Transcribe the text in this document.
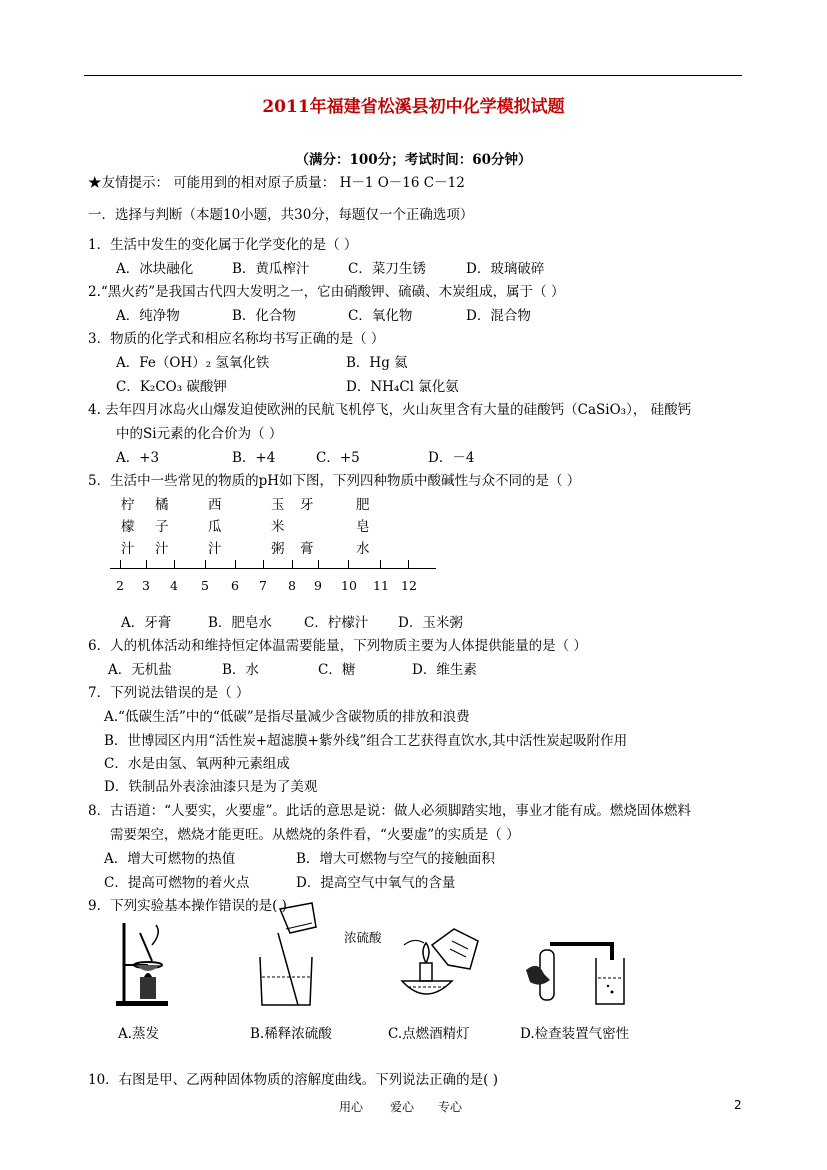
2011年福建省松溪县初中化学模拟试题
（满分：100分；考试时间：60分钟）
★友情提示： 可能用到的相对原子质量： H－1 O－16 C－12
一．选择与判断（本题10小题，共30分，每题仅一个正确选项）
1．生活中发生的变化属于化学变化的是（ ）
A．冰块融化	B．黄瓜榨汁	C．菜刀生锈	D．玻璃破碎
2.“黑火药”是我国古代四大发明之一，它由硝酸钾、硫磺、木炭组成，属于（ ）
A．纯净物	B．化合物	C．氧化物	D．混合物
3．物质的化学式和相应名称均书写正确的是（ ）
A．Fe（OH）₂ 氢氧化铁	B．Hg 氦
C．K₂CO₃ 碳酸钾	D．NH₄Cl 氯化氨
4. 去年四月冰岛火山爆发迫使欧洲的民航飞机停飞，火山灰里含有大量的硅酸钙（CaSiO₃）， 硅酸钙
中的Si元素的化合价为（ ）
A．+3	B．+4	C．+5	D．－4
5．生活中一些常见的物质的pH如下图，下列四种物质中酸碱性与众不同的是（ ）
柠
檬
汁
橘
子
汁
西
瓜
汁
玉
米
粥
牙

膏
肥
皂
水
2 3 4 5 6 7 8 9 10 11 12
A．牙膏	B．肥皂水 C．柠檬汁 D．玉米粥
6．人的机体活动和维持恒定体温需要能量，下列物质主要为人体提供能量的是（ ）
A．无机盐	B．水	C．糖	D．维生素
7．下列说法错误的是（ ）
A.“低碳生活”中的“低碳”是指尽量减少含碳物质的排放和浪费
B．世博园区内用“活性炭+超滤膜+紫外线”组合工艺获得直饮水,其中活性炭起吸附作用
C．水是由氢、氧两种元素组成
D．铁制品外表涂油漆只是为了美观
8．古语道：“人要实，火要虚”。此话的意思是说：做人必须脚踏实地，事业才能有成。燃烧固体燃料
需要架空，燃烧才能更旺。从燃烧的条件看，“火要虚”的实质是（ ）
A．增大可燃物的热值	B．增大可燃物与空气的接触面积
C．提高可燃物的着火点	D．提高空气中氧气的含量
9．下列实验基本操作错误的是( )
浓硫酸
A.蒸发	B.稀释浓硫酸	C.点燃酒精灯	D.检查装置气密性
10．右图是甲、乙两种固体物质的溶解度曲线。下列说法正确的是( )
用心 爱心 专心	2
